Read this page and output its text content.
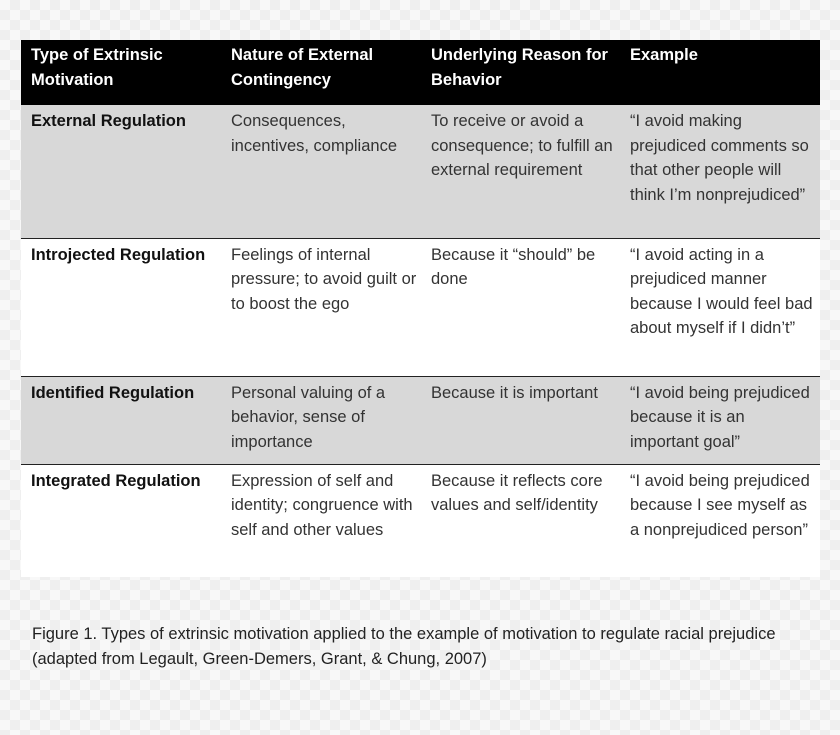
Type of Extrinsic Motivation	Nature of External Contingency	Underlying Reason for Behavior	Example
External Regulation	Consequences, incentives, compliance	To receive or avoid a consequence; to fulfill an external requirement	“I avoid making prejudiced comments so that other people will think I’m nonprejudiced”
Introjected Regulation	Feelings of internal pressure; to avoid guilt or to boost the ego	Because it “should” be done	“I avoid acting in a prejudiced manner because I would feel bad about myself if I didn’t”
Identified Regulation	Personal valuing of a behavior, sense of importance	Because it is important	“I avoid being prejudiced because it is an important goal”
Integrated Regulation	Expression of self and identity; congruence with self and other values	Because it reflects core values and self/identity	“I avoid being prejudiced because I see myself as a nonprejudiced person”
Figure 1. Types of extrinsic motivation applied to the example of motivation to regulate racial prejudice
(adapted from Legault, Green-Demers, Grant, & Chung, 2007)
